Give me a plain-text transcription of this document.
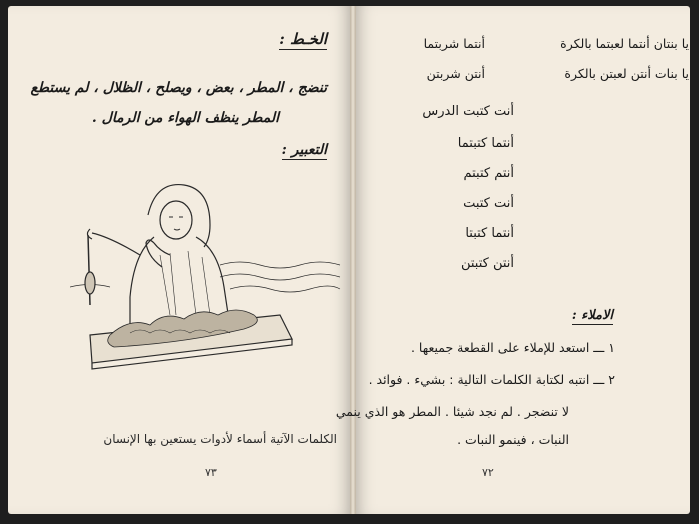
الخـط :
تنضج ، المطر ، بعض ، ويصلح ، الظلال ، لم يستطع
المطر ينظف الهواء من الرمال .
التعبير :
الكلمات الآتية أسماء لأدوات يستعين بها الإنسان
٧٣
يا بنتان أنتما لعبتما بالكرة
أنتما شربتما
يا بنات أنتن لعبتن بالكرة
أنتن شربتن
أنت كتبت الدرس
أنتما كتبتما
أنتم كتبتم
أنت كتبت
أنتما كتبتا
أنتن كتبتن
الاملاء :
١ ـــ استعد للإملاء على القطعة جميعها .
٢ ـــ انتبه لكتابة الكلمات التالية : بشيء . فوائد .
لا تنضجر . لم نجد شيئا . المطر هو الذي ينمي
النبات ، فينمو النبات .
٧٢
